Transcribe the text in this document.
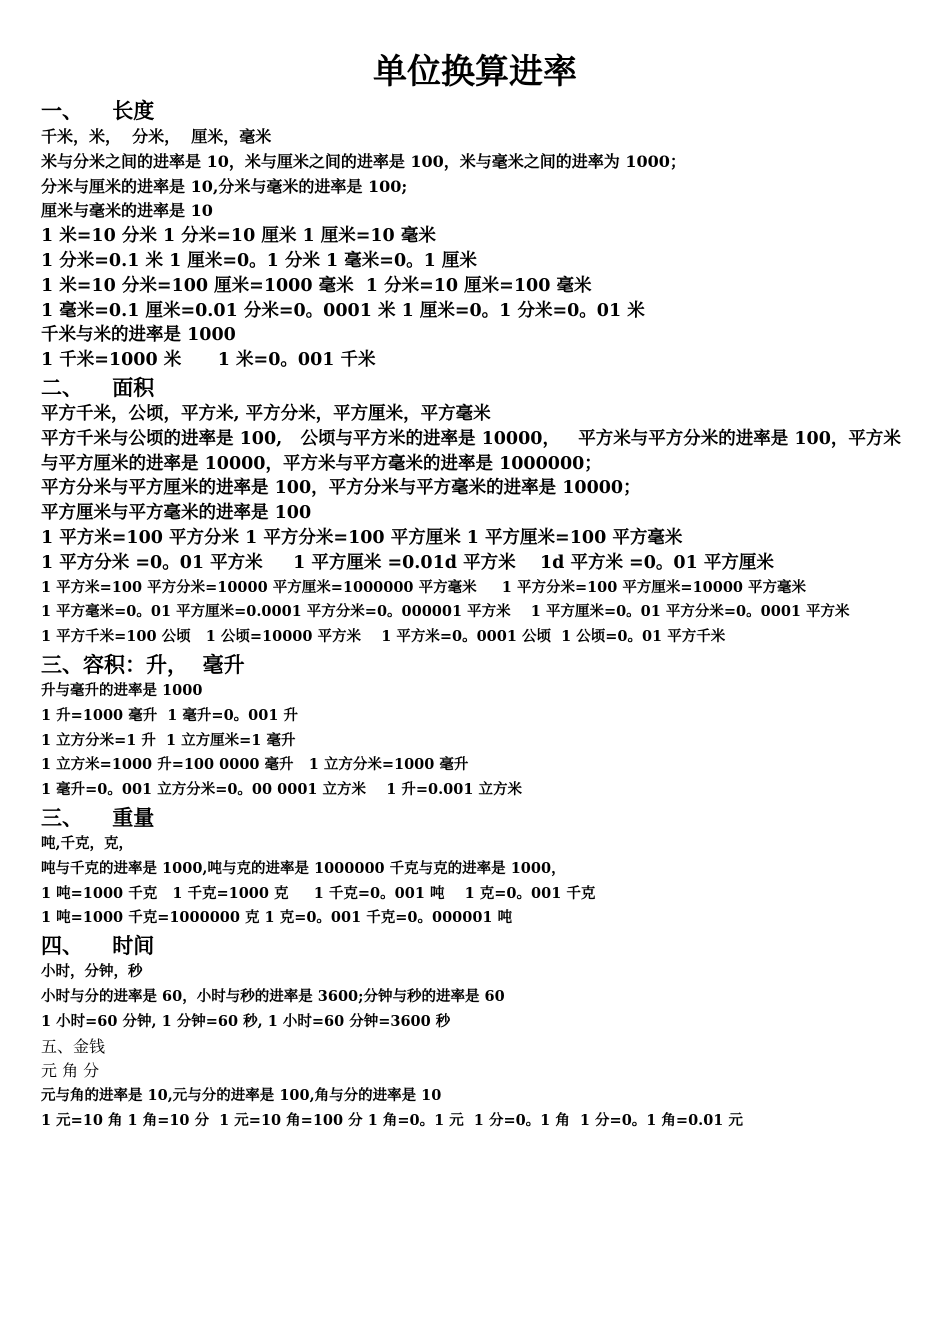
单位换算进率

一、    长度

千米，米，  分米，  厘米，毫米

米与分米之间的进率是 10，米与厘米之间的进率是 100，米与毫米之间的进率为 1000；

分米与厘米的进率是 10,分米与毫米的进率是 100;

厘米与毫米的进率是 10

1 米=10 分米 1 分米=10 厘米 1 厘米=10 毫米

1 分米=0.1 米 1 厘米=0。1 分米 1 毫米=0。1 厘米

1 米=10 分米=100 厘米=1000 毫米  1 分米=10 厘米=100 毫米

1 毫米=0.1 厘米=0.01 分米=0。0001 米 1 厘米=0。1 分米=0。01 米

千米与米的进率是 1000

1 千米=1000 米      1 米=0。001 千米

二、    面积

平方千米，公顷，平方米, 平方分米，平方厘米，平方毫米

平方千米与公顷的进率是 100,   公顷与平方米的进率是 10000，   平方米与平方分米的进率是 100，平方米与平方厘米的进率是 10000，平方米与平方毫米的进率是 1000000；

平方分米与平方厘米的进率是 100，平方分米与平方毫米的进率是 10000；

平方厘米与平方毫米的进率是 100

1 平方米=100 平方分米 1 平方分米=100 平方厘米 1 平方厘米=100 平方毫米

1 平方分米 =0。01 平方米     1 平方厘米 =0.01d 平方米    1d 平方米 =0。01 平方厘米

1 平方米=100 平方分米=10000 平方厘米=1000000 平方毫米     1 平方分米=100 平方厘米=10000 平方毫米

1 平方毫米=0。01 平方厘米=0.0001 平方分米=0。000001 平方米    1 平方厘米=0。01 平方分米=0。0001 平方米

1 平方千米=100 公顷   1 公顷=10000 平方米    1 平方米=0。0001 公顷  1 公顷=0。01 平方千米

三、容积：升，  毫升

升与毫升的进率是 1000

1 升=1000 毫升  1 毫升=0。001 升

1 立方分米=1 升  1 立方厘米=1 毫升

1 立方米=1000 升=100 0000 毫升   1 立方分米=1000 毫升

1 毫升=0。001 立方分米=0。00 0001 立方米    1 升=0.001 立方米

三、    重量

吨,千克，克，

吨与千克的进率是 1000,吨与克的进率是 1000000 千克与克的进率是 1000，

1 吨=1000 千克   1 千克=1000 克     1 千克=0。001 吨    1 克=0。001 千克

1 吨=1000 千克=1000000 克 1 克=0。001 千克=0。000001 吨

四、    时间

小时，分钟，秒

小时与分的进率是 60，小时与秒的进率是 3600;分钟与秒的进率是 60

1 小时=60 分钟, 1 分钟=60 秒, 1 小时=60 分钟=3600 秒

五、金钱

元 角 分

元与角的进率是 10,元与分的进率是 100,角与分的进率是 10

1 元=10 角 1 角=10 分  1 元=10 角=100 分 1 角=0。1 元  1 分=0。1 角  1 分=0。1 角=0.01 元
